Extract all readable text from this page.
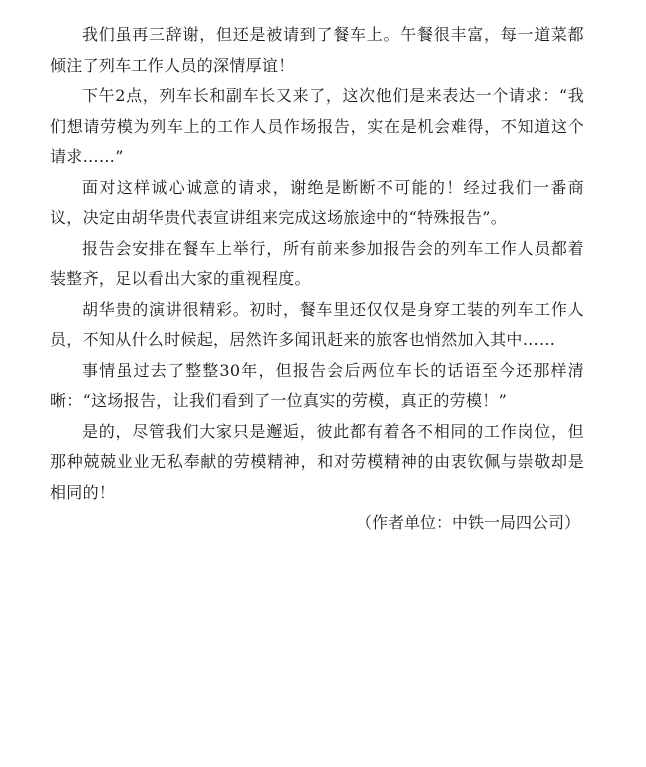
我们虽再三辞谢，但还是被请到了餐车上。午餐很丰富，每一道菜都倾注了列车工作人员的深情厚谊！

下午2点，列车长和副车长又来了，这次他们是来表达一个请求：“我们想请劳模为列车上的工作人员作场报告，实在是机会难得，不知道这个请求……”

面对这样诚心诚意的请求，谢绝是断断不可能的！经过我们一番商议，决定由胡华贵代表宣讲组来完成这场旅途中的“特殊报告”。

报告会安排在餐车上举行，所有前来参加报告会的列车工作人员都着装整齐，足以看出大家的重视程度。

胡华贵的演讲很精彩。初时，餐车里还仅仅是身穿工装的列车工作人员，不知从什么时候起，居然许多闻讯赶来的旅客也悄然加入其中……

事情虽过去了整整30年，但报告会后两位车长的话语至今还那样清晰：“这场报告，让我们看到了一位真实的劳模，真正的劳模！”

是的，尽管我们大家只是邂逅，彼此都有着各不相同的工作岗位，但那种兢兢业业无私奉献的劳模精神，和对劳模精神的由衷钦佩与崇敬却是相同的！

（作者单位：中铁一局四公司）
